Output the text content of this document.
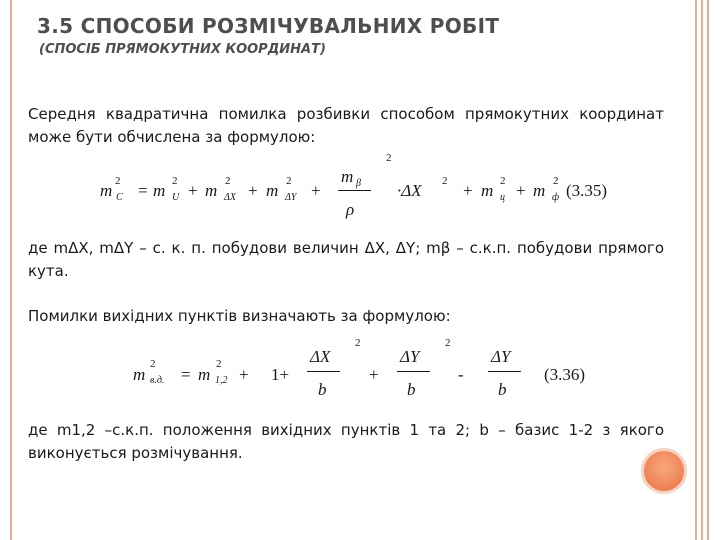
3.5 СПОСОБИ РОЗМІЧУВАЛЬНИХ РОБІТ
(СПОСІБ ПРЯМОКУТНИХ КООРДИНАТ)

Середня квадратична помилка розбивки способом прямокутних координат може бути обчислена за формулою:

m 2
C = m 2
U + m 2
ΔX + m 2
ΔY +
m β
ρ
2
·ΔX 2 + m 2
ц + m 2
ф (3.35)

де mΔX, mΔY – с. к. п. побудови величин ΔX, ΔY; mβ – с.к.п. побудови прямого кута.

Помилки вихідних пунктів визначають за формулою:

m
2
в.д. = m
2
1,2 + 1+
ΔX
b
2
+
ΔY
b
2
-
ΔY
b
(3.36)

де m1,2 –с.к.п. положення вихідних пунктів 1 та 2; b – базис 1-2 з якого виконується розмічування.
